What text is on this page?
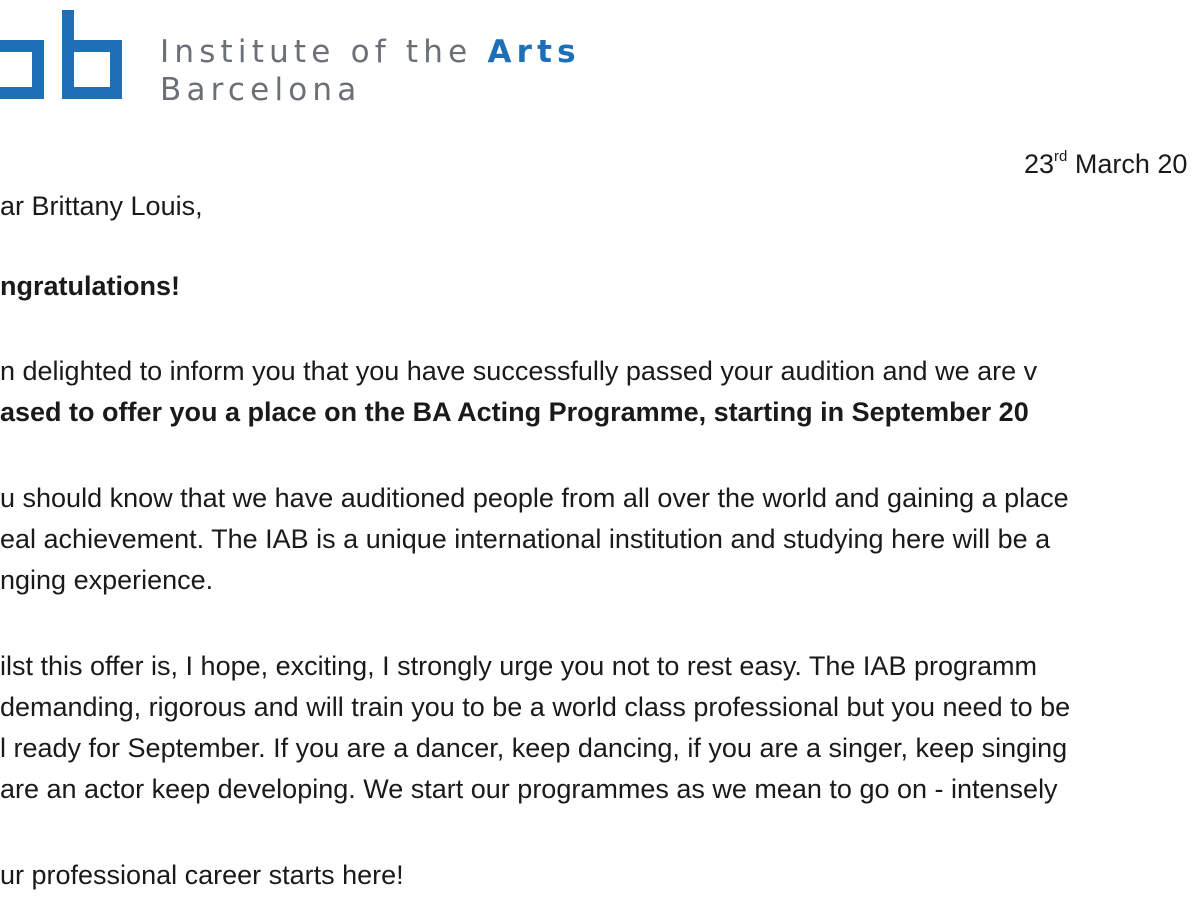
Institute of the Arts
Barcelona
23rd March 20
ar Brittany Louis,
ngratulations!
n delighted to inform you that you have successfully passed your audition and we are v
ased to offer you a place on the BA Acting Programme, starting in September 20
u should know that we have auditioned people from all over the world and gaining a place
eal achievement. The IAB is a unique international institution and studying here will be a
nging experience.
ilst this offer is, I hope, exciting, I strongly urge you not to rest easy. The IAB programm
demanding, rigorous and will train you to be a world class professional but you need to be
l ready for September. If you are a dancer, keep dancing, if you are a singer, keep singing
are an actor keep developing. We start our programmes as we mean to go on - intensely
ur professional career starts here!
